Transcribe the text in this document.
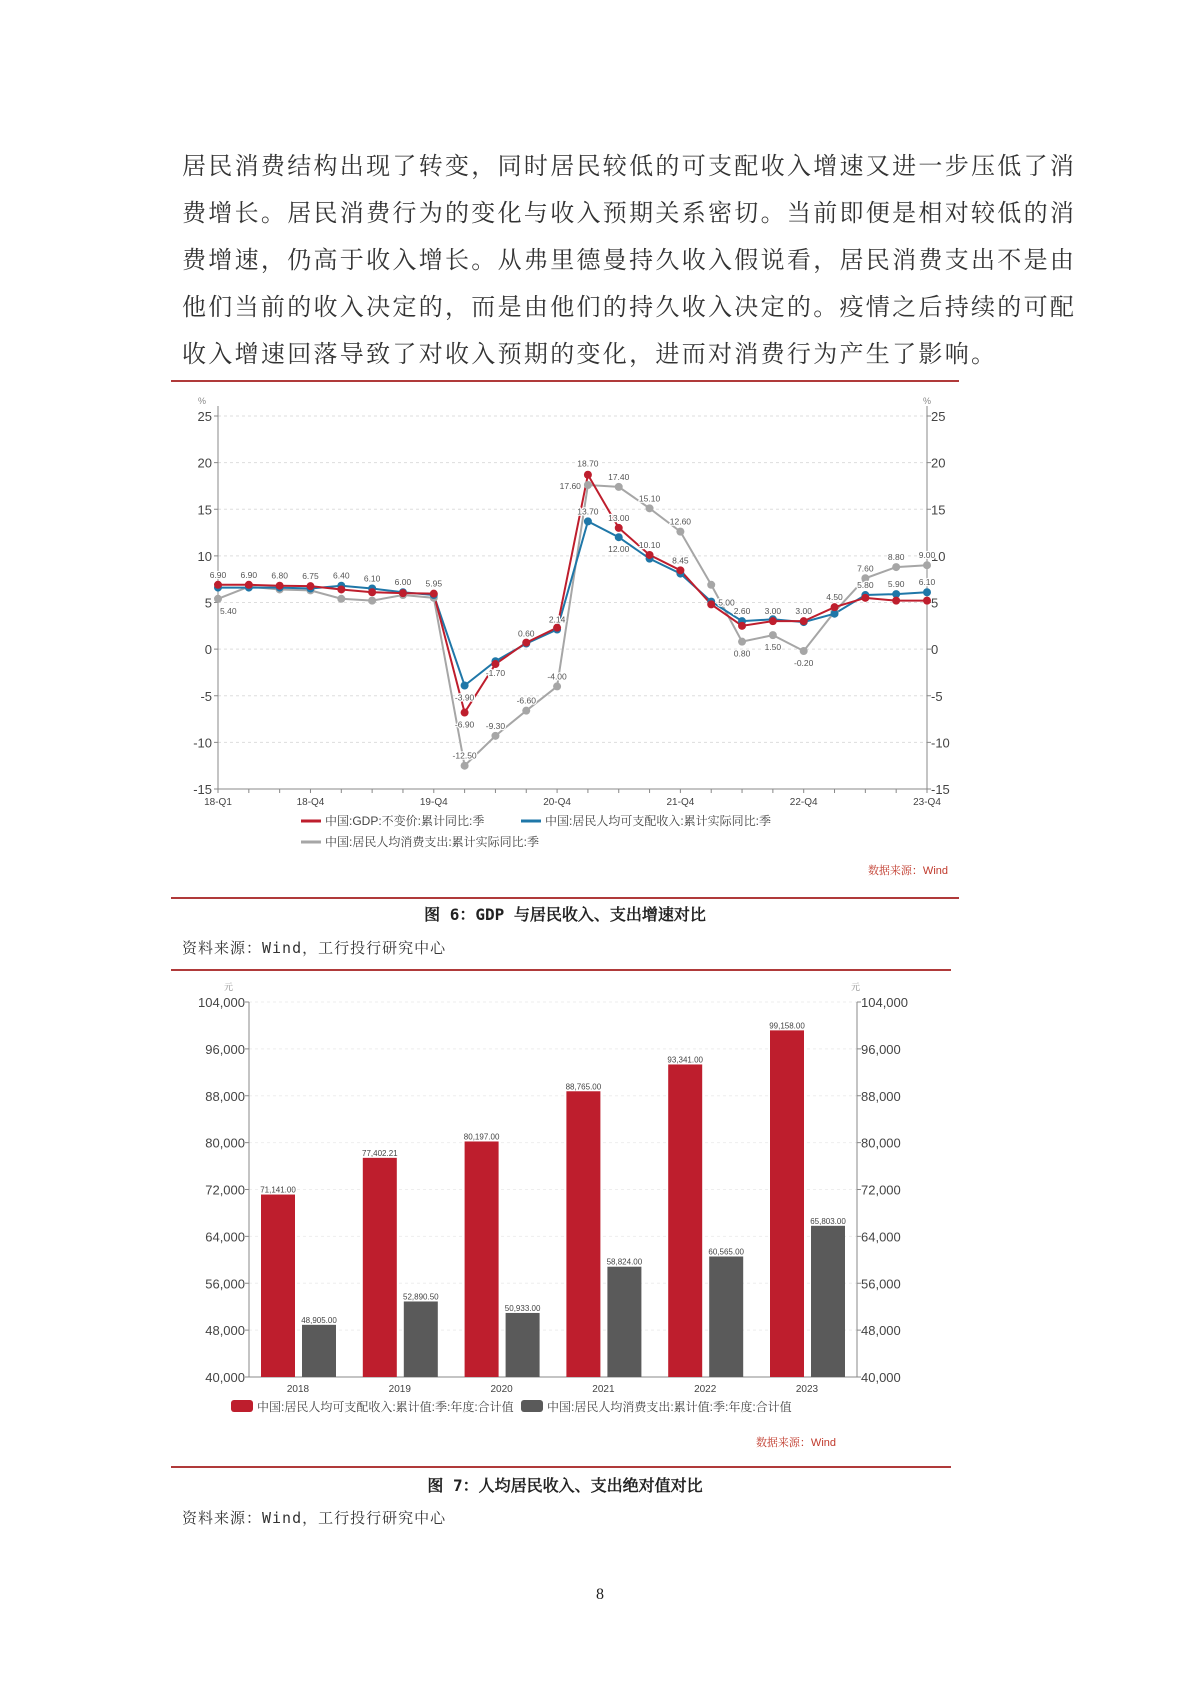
居民消费结构出现了转变，同时居民较低的可支配收入增速又进一步压低了消
费增长。居民消费行为的变化与收入预期关系密切。当前即便是相对较低的消
费增速，仍高于收入增长。从弗里德曼持久收入假说看，居民消费支出不是由
他们当前的收入决定的，而是由他们的持久收入决定的。疫情之后持续的可配
收入增速回落导致了对收入预期的变化，进而对消费行为产生了影响。
25	25
20	20
15	15
10	10
5	5
0	0
-5	-5
-10	-10
-15	-15
%	%
18-Q1	18-Q4	19-Q4	20-Q4	21-Q4	22-Q4	23-Q4
5.40
-12.50
-9.30
-6.60
-4.00
17.60
17.40
15.10
12.60
0.80
1.50
-0.20
7.60
8.80 9.00
6.40 6.10 6.00
-3.90
-1.70
0.60
2.14
13.70
12.00
5.00
2.60
5.80 5.90 6.10
6.90 6.90 6.80 6.75
5.95
-6.90
18.70
13.00
10.10
8.45
3.00 3.00
4.50
中国:GDP:不变价:累计同比:季	中国:居民人均可支配收入:累计实际同比:季
中国:居民人均消费支出:累计实际同比:季
数据来源：Wind
图 6：GDP 与居民收入、支出增速对比
资料来源：Wind，工行投行研究中心
104,000	104,000
96,000	96,000
88,000	88,000
80,000	80,000
72,000	72,000
64,000	64,000
56,000	56,000
48,000	48,000
40,000	40,000
元	元
2018	2019	2020	2021	2022	2023
71,141.00
48,905.00
77,402.21
52,890.50
80,197.00
50,933.00
88,765.00
58,824.00
93,341.00
60,565.00
99,158.00
65,803.00
中国:居民人均可支配收入:累计值:季:年度:合计值	中国:居民人均消费支出:累计值:季:年度:合计值
数据来源：Wind
图 7：人均居民收入、支出绝对值对比
资料来源：Wind，工行投行研究中心
8
